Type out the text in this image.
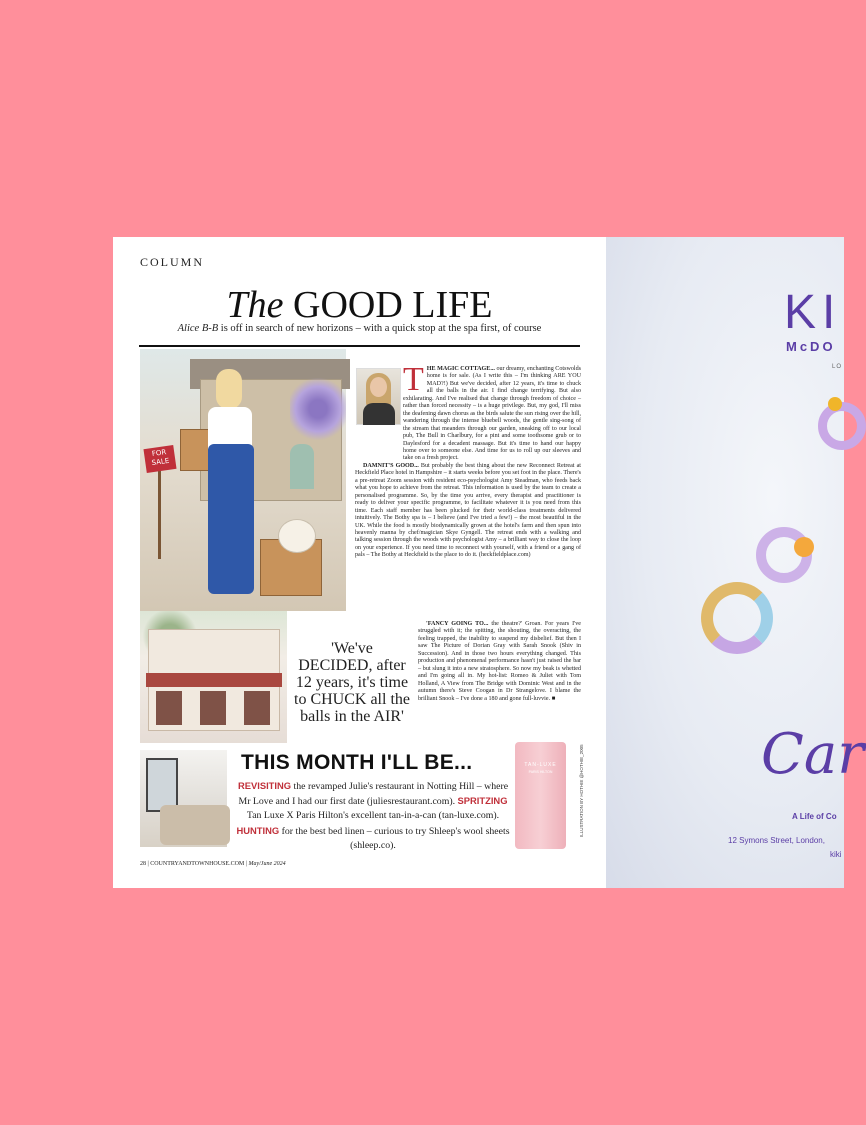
COLUMN
The GOOD LIFE
Alice B-B is off in search of new horizons – with a quick stop at the spa first, of course
FOR SALE
T HE MAGIC COTTAGE... our dreamy, enchanting Cotswolds home is for sale. (As I write this – I'm thinking ARE YOU MAD?!) But we've decided, after 12 years, it's time to chuck all the balls in the air. I find change terrifying. But also exhilarating. And I've realised that change through freedom of choice – rather than forced necessity – is a huge privilege. But, my god, I'll miss the deafening dawn chorus as the birds salute the sun rising over the hill, wandering through the intense bluebell woods, the gentle sing-song of the stream that meanders through our garden, sneaking off to our local pub, The Bull in Charlbury, for a pint and some toothsome grub or to Daylesford for a decadent massage. But it's time to hand our happy home over to someone else. And time for us to roll up our sleeves and take on a fresh project.

DAMNIT'S GOOD... But probably the best thing about the new Reconnect Retreat at Heckfield Place hotel in Hampshire – it starts weeks before you set foot in the place. There's a pre-retreat Zoom session with resident eco-psychologist Amy Steadman, who feeds back what you hope to achieve from the retreat. This information is used by the team to create a personalised programme. So, by the time you arrive, every therapist and practitioner is ready to deliver your specific programme, to facilitate whatever it is you need from this time. Each staff member has been plucked for their world-class treatments delivered intuitively. The Bothy spa is – I believe (and I've tried a few!) – the most beautiful in the UK. While the food is mostly biodynamically grown at the hotel's farm and then spun into heavenly manna by chef/magician Skye Gyngell. The retreat ends with a walking and talking session through the woods with psychologist Amy – a brilliant way to close the loop on your experience. If you need time to reconnect with yourself, with a friend or a gang of pals – The Bothy at Heckfield is the place to do it. (heckfieldplace.com)

'FANCY GOING TO... the theatre?' Groan. For years I've struggled with it; the spitting, the shouting, the overacting, the feeling trapped, the inability to suspend my disbelief. But then I saw The Picture of Dorian Gray with Sarah Snook (Shiv in Succession). And in those two hours everything changed. This production and phenomenal performance hasn't just raised the bar – but slung it into a new stratosphere. So now my beak is whetted and I'm going all in. My hot-list: Romeo & Juliet with Tom Holland, A View from The Bridge with Dominic West and in the autumn there's Steve Coogan in Dr Strangelove. I blame the brilliant Snook – I've done a 180 and gone full-luvvie. ■

'We've DECIDED, after 12 years, it's time to CHUCK all the balls in the AIR'
THIS MONTH I'LL BE...
REVISITING the revamped Julie's restaurant in Notting Hill – where Mr Love and I had our first date (juliesrestaurant.com). SPRITZING Tan Luxe X Paris Hilton's excellent tan-in-a-can (tan-luxe.com). HUNTING for the best bed linen – curious to try Shleep's wool sheets (shleep.co).
TAN-LUXE
PARIS HILTON	ILLUSTRATION BY HOTHIE @HOTHIE_2005
28 | COUNTRYANDTOWNHOUSE.COM | May/June 2024
KI
McDO
LO
Car
A Life of Co
12 Symons Street, London,
kiki
